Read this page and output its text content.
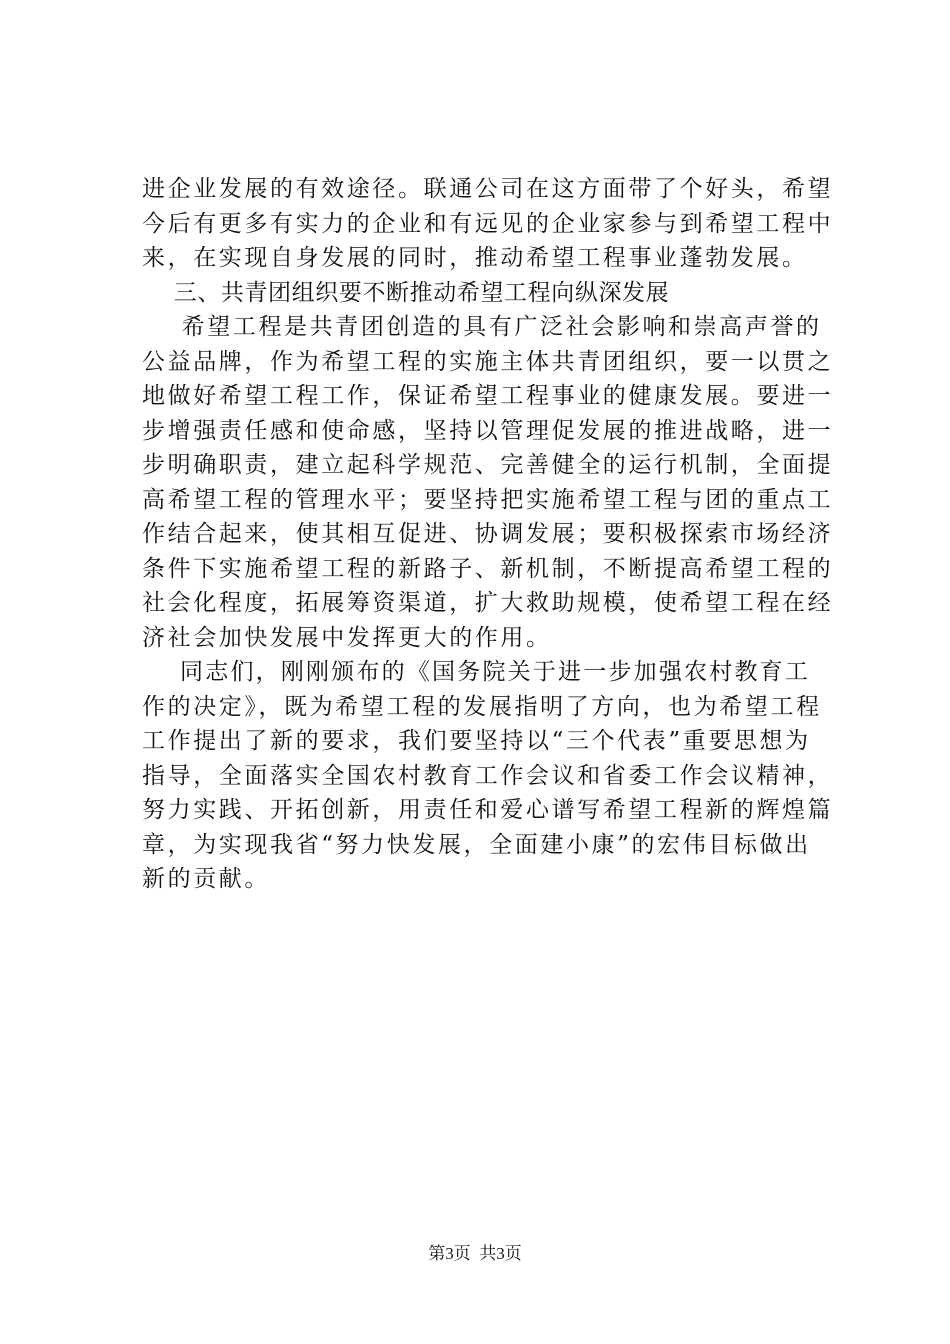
进企业发展的有效途径。联通公司在这方面带了个好头，希望
今后有更多有实力的企业和有远见的企业家参与到希望工程中
来，在实现自身发展的同时，推动希望工程事业蓬勃发展。
三、共青团组织要不断推动希望工程向纵深发展
希望工程是共青团创造的具有广泛社会影响和崇高声誉的
公益品牌，作为希望工程的实施主体共青团组织，要一以贯之
地做好希望工程工作，保证希望工程事业的健康发展。要进一
步增强责任感和使命感，坚持以管理促发展的推进战略，进一
步明确职责，建立起科学规范、完善健全的运行机制，全面提
高希望工程的管理水平；要坚持把实施希望工程与团的重点工
作结合起来，使其相互促进、协调发展；要积极探索市场经济
条件下实施希望工程的新路子、新机制，不断提高希望工程的
社会化程度，拓展筹资渠道，扩大救助规模，使希望工程在经
济社会加快发展中发挥更大的作用。
同志们，刚刚颁布的《国务院关于进一步加强农村教育工
作的决定》，既为希望工程的发展指明了方向，也为希望工程
工作提出了新的要求，我们要坚持以“三个代表”重要思想为
指导，全面落实全国农村教育工作会议和省委工作会议精神，
努力实践、开拓创新，用责任和爱心谱写希望工程新的辉煌篇
章，为实现我省“努力快发展，全面建小康”的宏伟目标做出
新的贡献。
第3页  共3页
